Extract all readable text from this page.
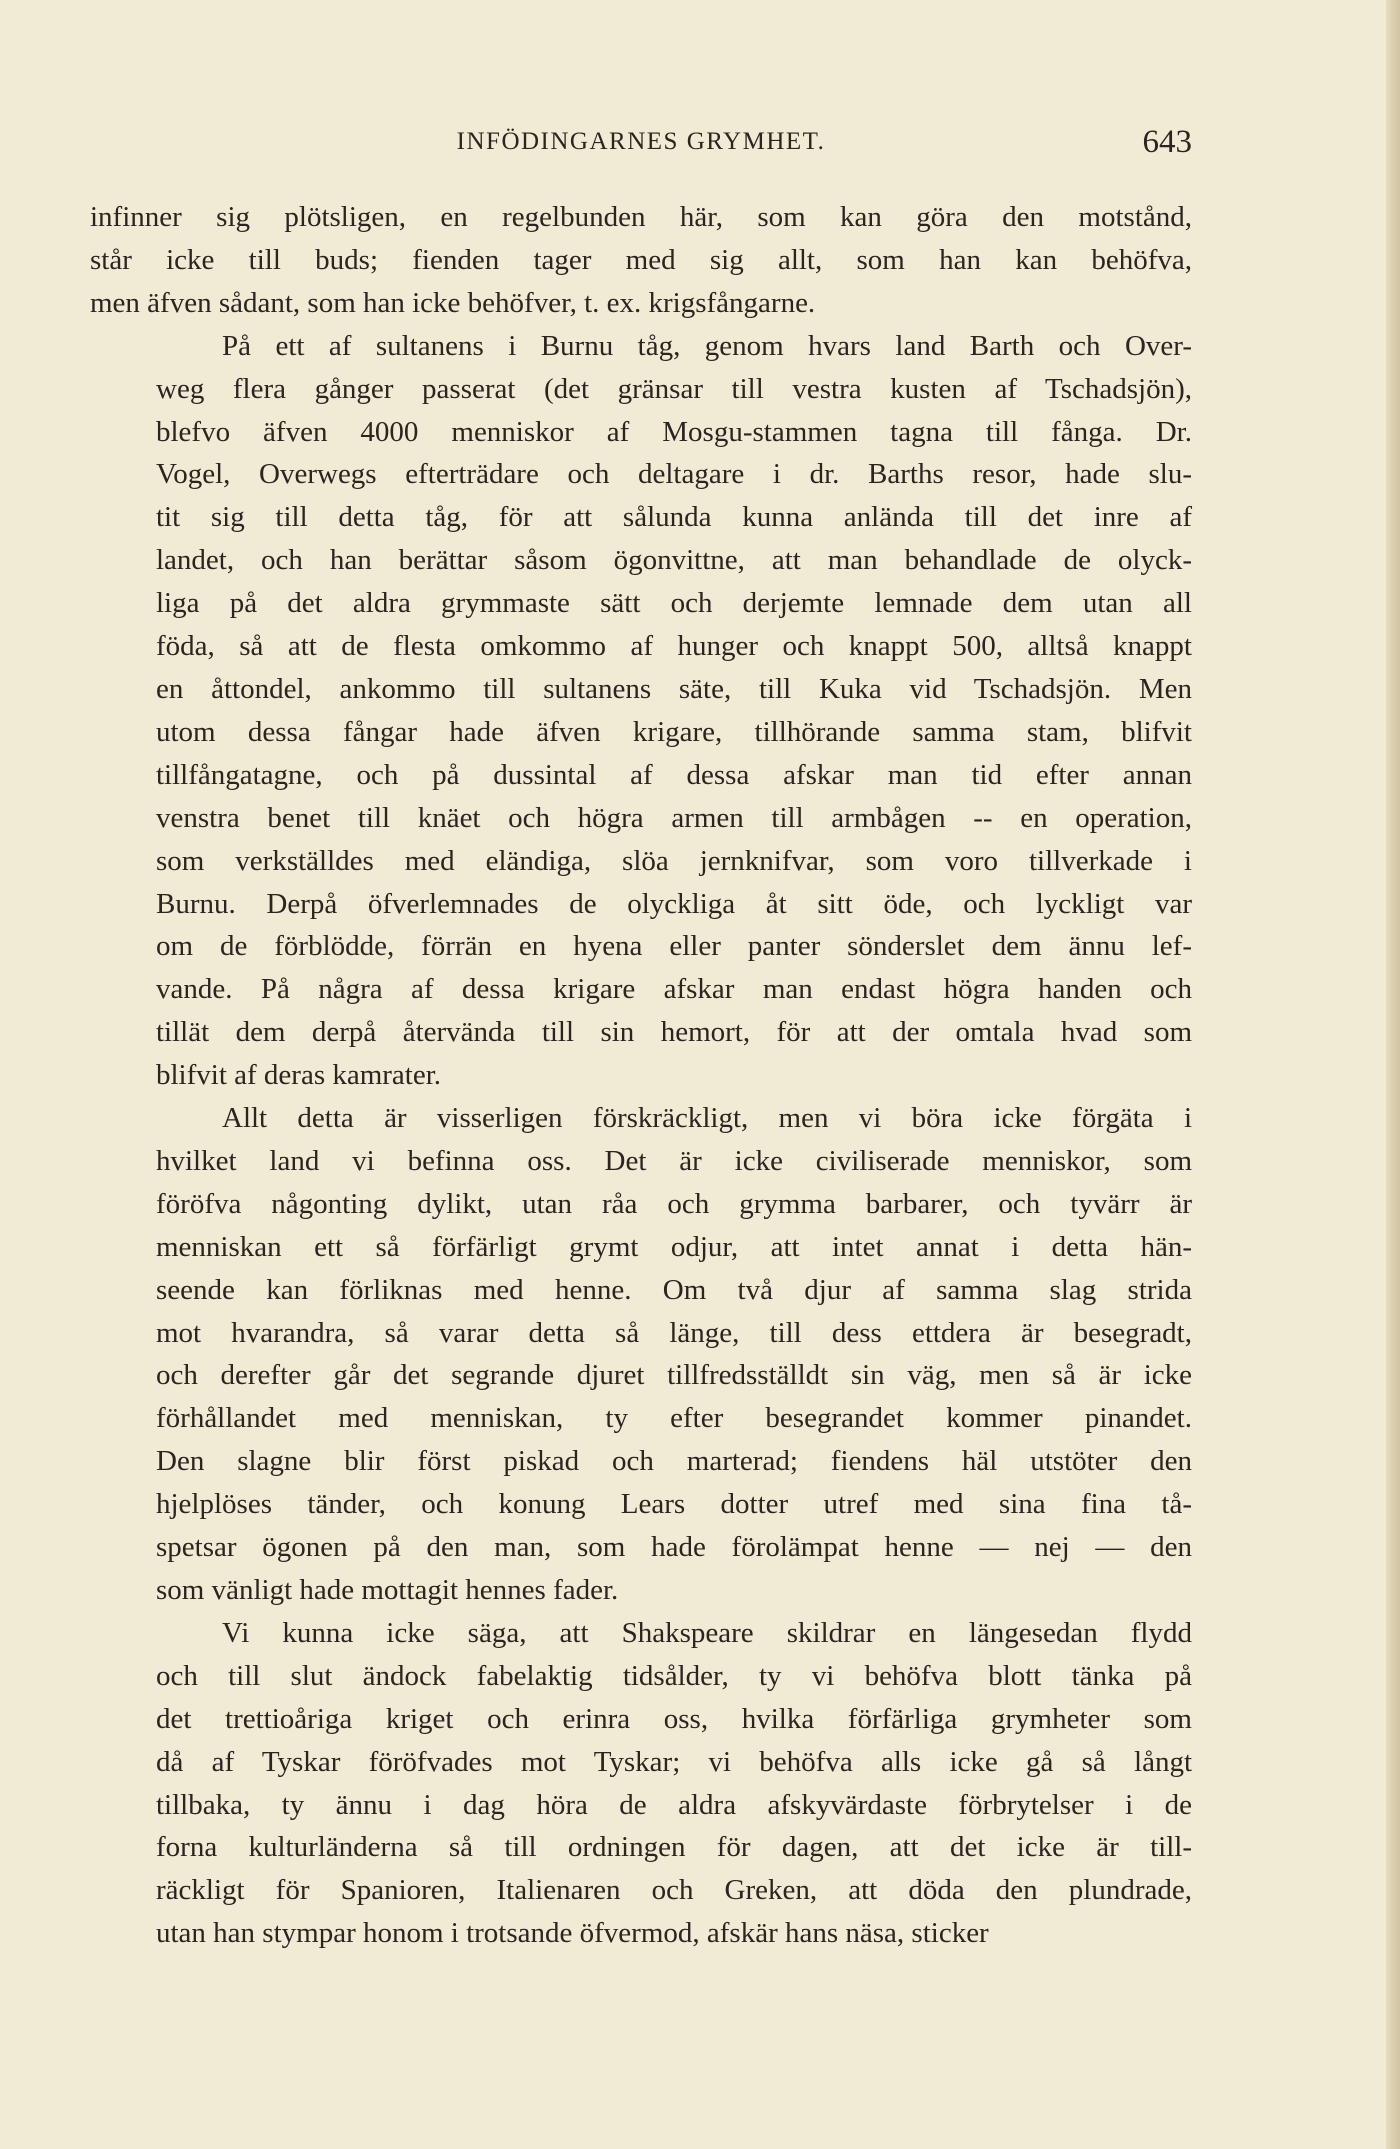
INFÖDINGARNES GRYMHET.	643
infinner sig plötsligen, en regelbunden här, som kan göra den motstånd,
står icke till buds; fienden tager med sig allt, som han kan behöfva,
men äfven sådant, som han icke behöfver, t. ex. krigsfångarne.
På ett af sultanens i Burnu tåg, genom hvars land Barth och Over-
weg flera gånger passerat (det gränsar till vestra kusten af Tschadsjön),
blefvo äfven 4000 menniskor af Mosgu-stammen tagna till fånga. Dr.
Vogel, Overwegs efterträdare och deltagare i dr. Barths resor, hade slu-
tit sig till detta tåg, för att sålunda kunna anlända till det inre af
landet, och han berättar såsom ögonvittne, att man behandlade de olyck-
liga på det aldra grymmaste sätt och derjemte lemnade dem utan all
föda, så att de flesta omkommo af hunger och knappt 500, alltså knappt
en åttondel, ankommo till sultanens säte, till Kuka vid Tschadsjön. Men
utom dessa fångar hade äfven krigare, tillhörande samma stam, blifvit
tillfångatagne, och på dussintal af dessa afskar man tid efter annan
venstra benet till knäet och högra armen till armbågen -- en operation,
som verkställdes med eländiga, slöa jernknifvar, som voro tillverkade i
Burnu. Derpå öfverlemnades de olyckliga åt sitt öde, och lyckligt var
om de förblödde, förrän en hyena eller panter sönderslet dem ännu lef-
vande. På några af dessa krigare afskar man endast högra handen och
tillät dem derpå återvända till sin hemort, för att der omtala hvad som
blifvit af deras kamrater.
Allt detta är visserligen förskräckligt, men vi böra icke förgäta i
hvilket land vi befinna oss. Det är icke civiliserade menniskor, som
föröfva någonting dylikt, utan råa och grymma barbarer, och tyvärr är
menniskan ett så förfärligt grymt odjur, att intet annat i detta hän-
seende kan förliknas med henne. Om två djur af samma slag strida
mot hvarandra, så varar detta så länge, till dess ettdera är besegradt,
och derefter går det segrande djuret tillfredsställdt sin väg, men så är icke
förhållandet med menniskan, ty efter besegrandet kommer pinandet.
Den slagne blir först piskad och marterad; fiendens häl utstöter den
hjelplöses tänder, och konung Lears dotter utref med sina fina tå-
spetsar ögonen på den man, som hade förolämpat henne — nej — den
som vänligt hade mottagit hennes fader.
Vi kunna icke säga, att Shakspeare skildrar en längesedan flydd
och till slut ändock fabelaktig tidsålder, ty vi behöfva blott tänka på
det trettioåriga kriget och erinra oss, hvilka förfärliga grymheter som
då af Tyskar föröfvades mot Tyskar; vi behöfva alls icke gå så långt
tillbaka, ty ännu i dag höra de aldra afskyvärdaste förbrytelser i de
forna kulturländerna så till ordningen för dagen, att det icke är till-
räckligt för Spanioren, Italienaren och Greken, att döda den plundrade,
utan han stympar honom i trotsande öfvermod, afskär hans näsa, sticker
